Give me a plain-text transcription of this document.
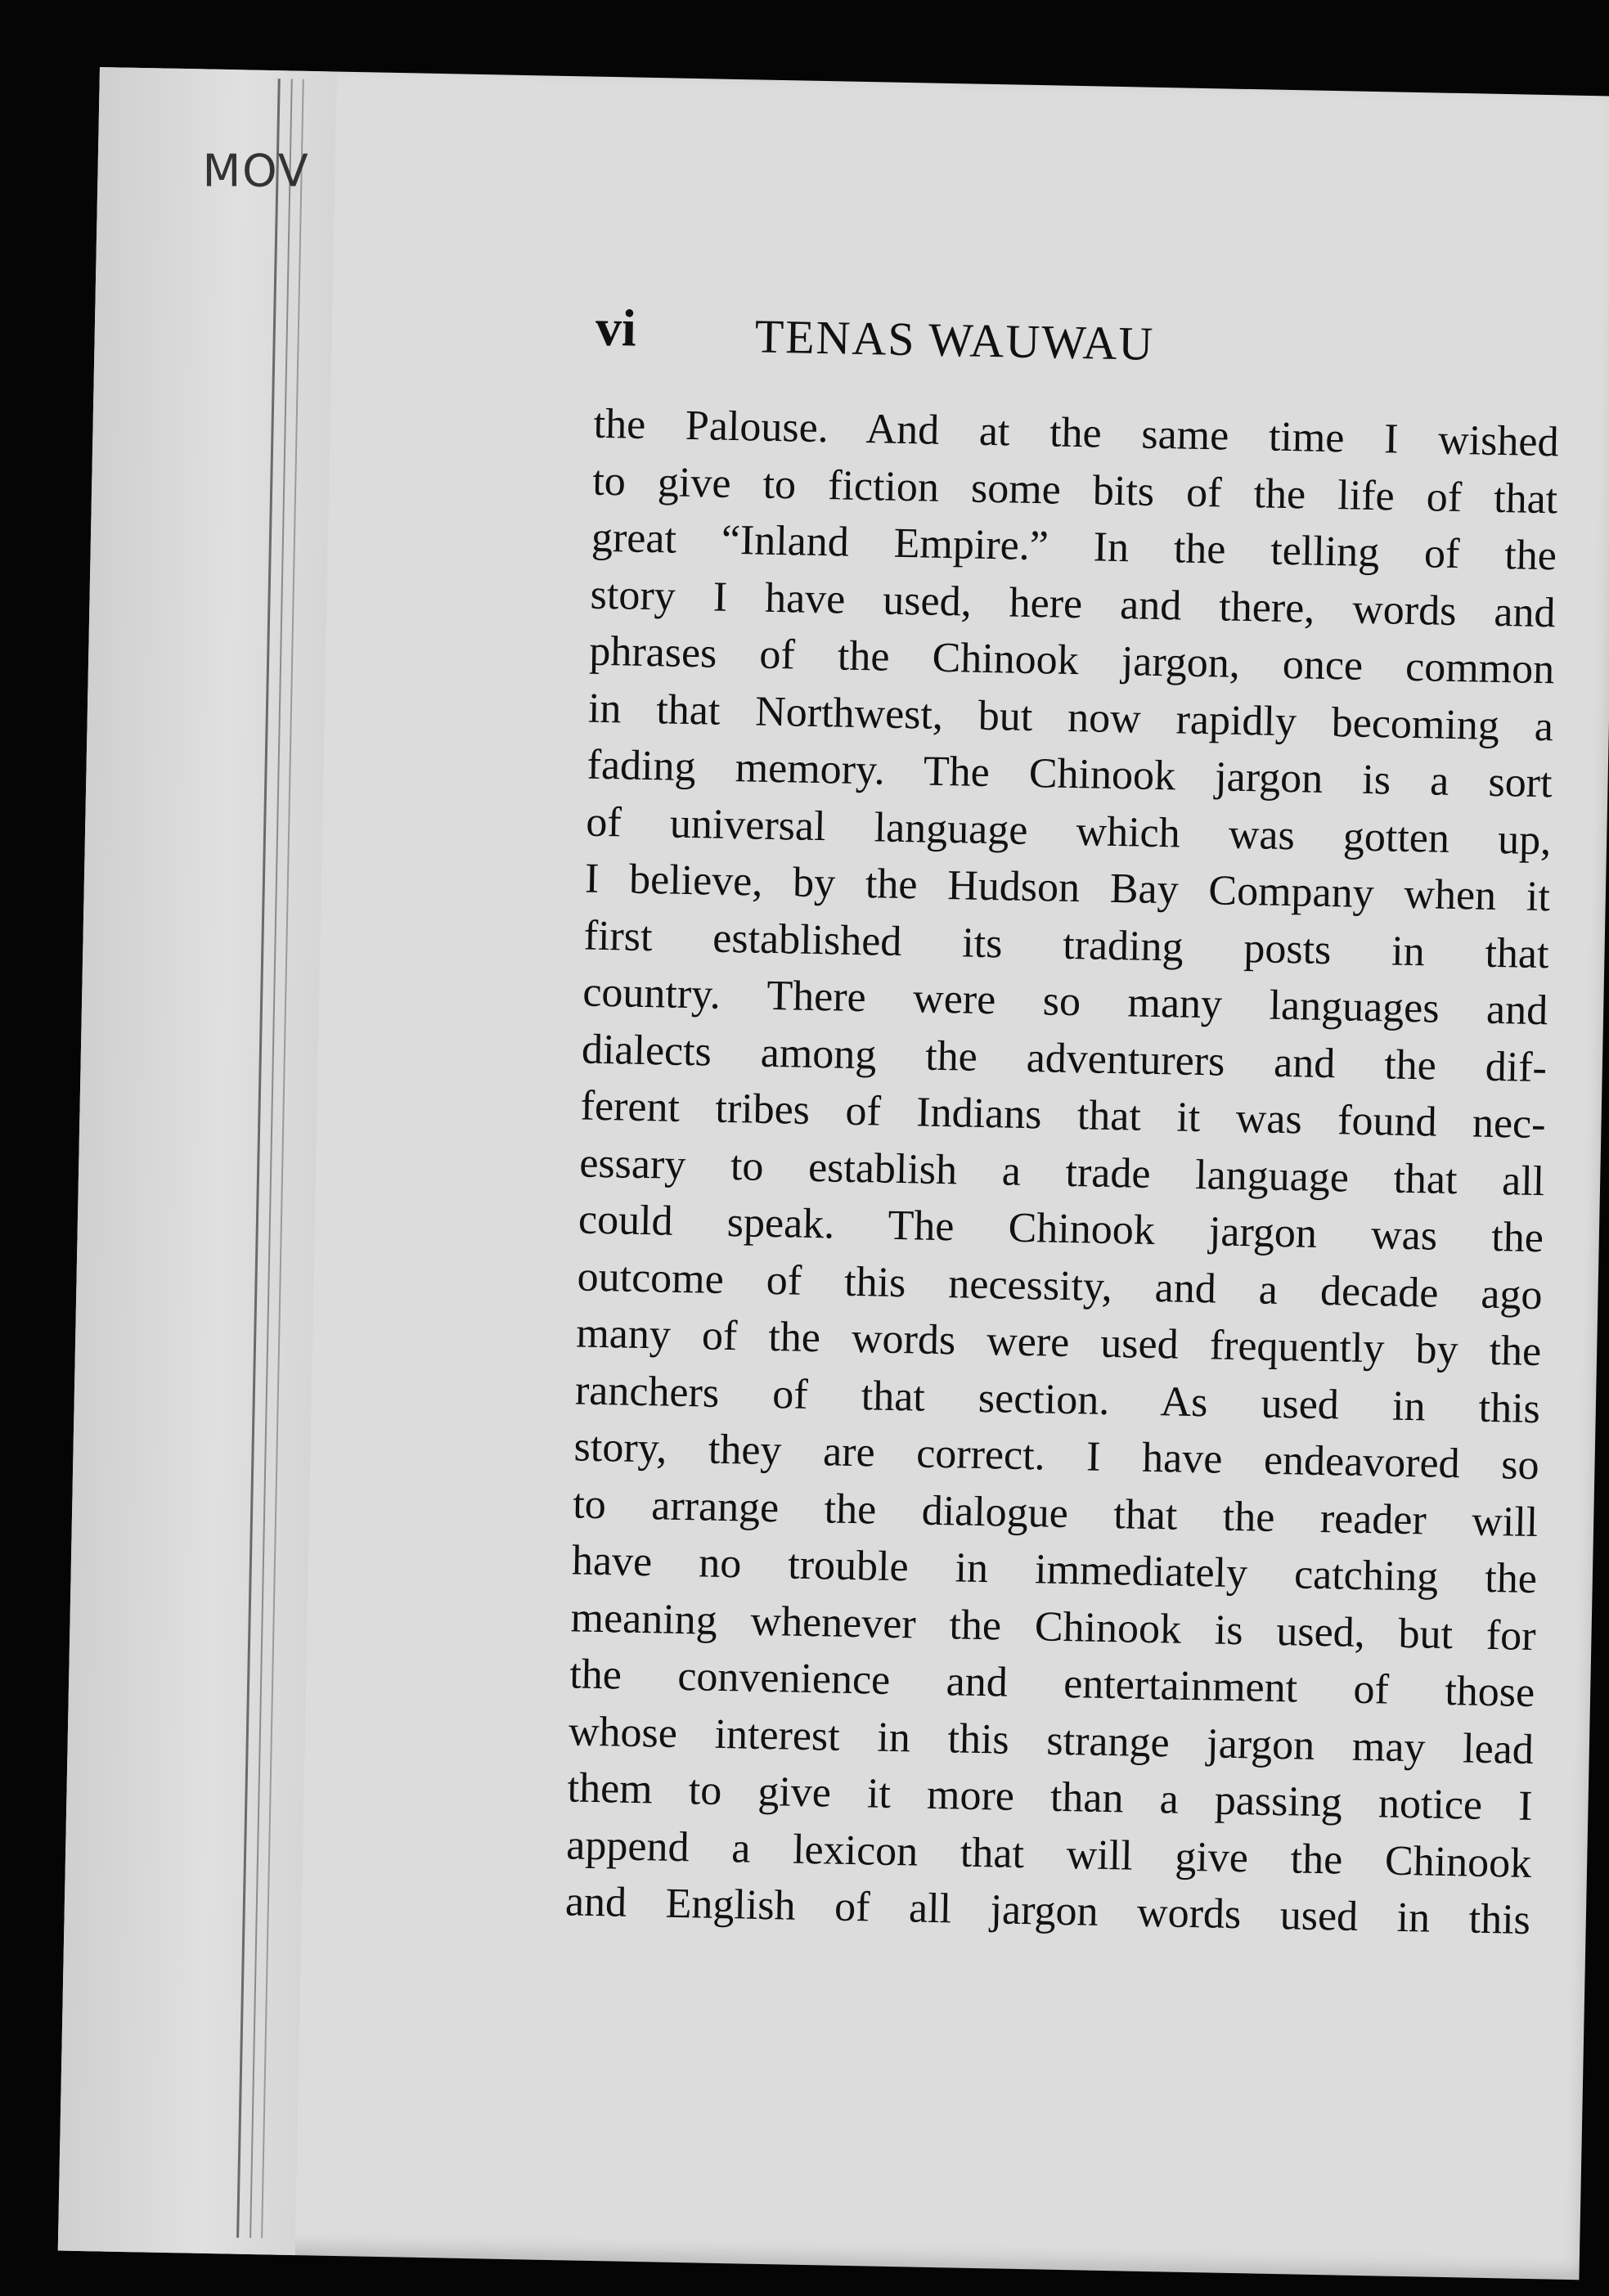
MOV
vi TENAS WAUWAU
the Palouse. And at the same time I wished
to give to fiction some bits of the life of that
great “Inland Empire.” In the telling of the
story I have used, here and there, words and
phrases of the Chinook jargon, once common
in that Northwest, but now rapidly becoming a
fading memory. The Chinook jargon is a sort
of universal language which was gotten up,
I believe, by the Hudson Bay Company when it
first established its trading posts in that
country. There were so many languages and
dialects among the adventurers and the dif-
ferent tribes of Indians that it was found nec-
essary to establish a trade language that all
could speak. The Chinook jargon was the
outcome of this necessity, and a decade ago
many of the words were used frequently by the
ranchers of that section. As used in this
story, they are correct. I have endeavored so
to arrange the dialogue that the reader will
have no trouble in immediately catching the
meaning whenever the Chinook is used, but for
the convenience and entertainment of those
whose interest in this strange jargon may lead
them to give it more than a passing notice I
append a lexicon that will give the Chinook
and English of all jargon words used in this
